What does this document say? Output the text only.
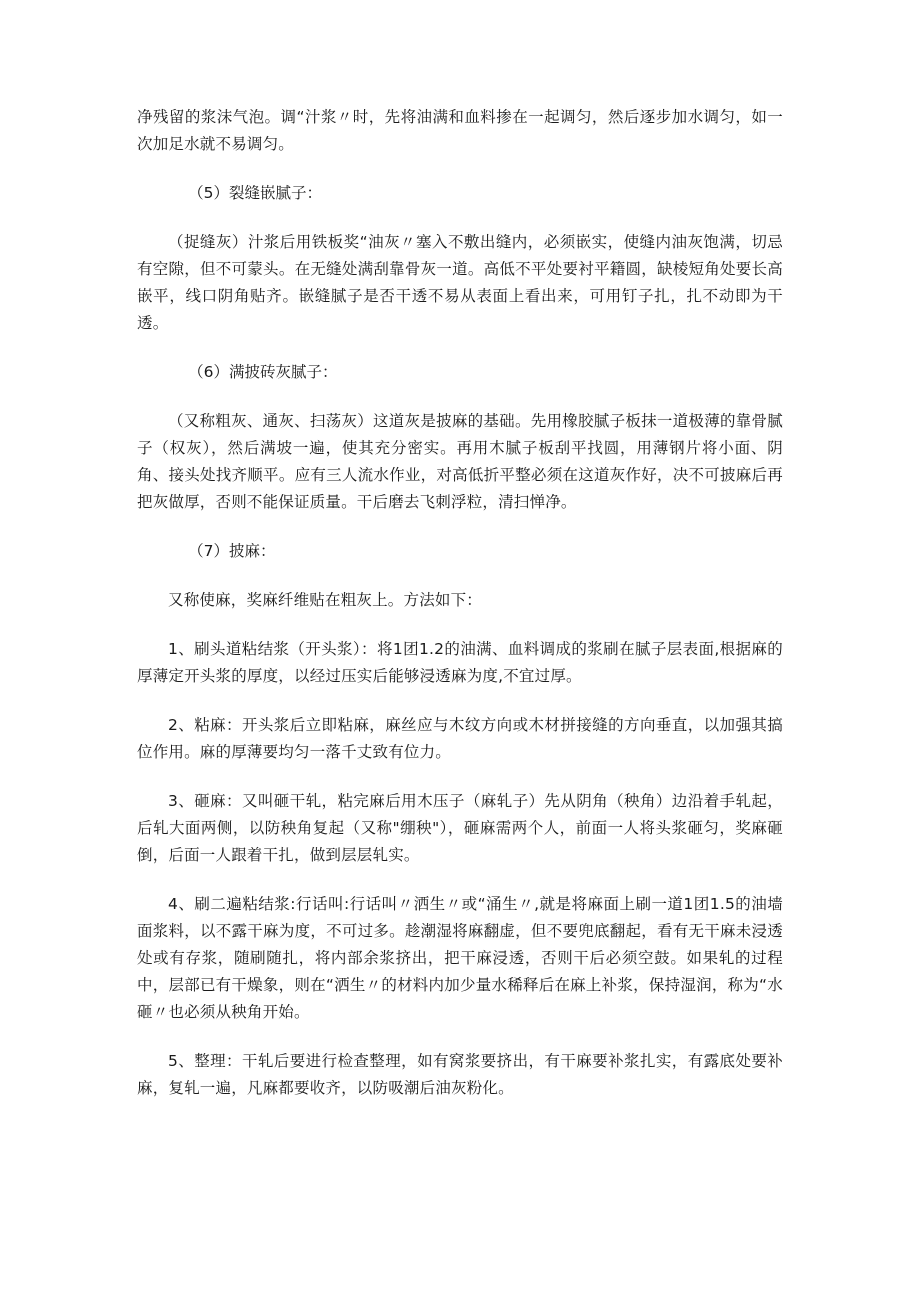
净残留的浆沫气泡。调“汁浆〃时，先将油满和血料掺在一起调匀，然后逐步加水调匀，如一次加足水就不易调匀。

（5）裂缝嵌腻子：

（捉缝灰）汁浆后用铁板奖“油灰〃塞入不敷出缝内，必须嵌实，使缝内油灰饱满，切忌有空隙，但不可蒙头。在无缝处满刮靠骨灰一道。高低不平处要衬平籍圆，缺棱短角处要长高嵌平，线口阴角贴齐。嵌缝腻子是否干透不易从表面上看出来，可用钉子扎，扎不动即为干透。

（6）满披砖灰腻子：

（又称粗灰、通灰、扫荡灰）这道灰是披麻的基础。先用橡胶腻子板抹一道极薄的靠骨腻子（权灰），然后满坡一遍，使其充分密实。再用木腻子板刮平找圆，用薄钢片将小面、阴角、接头处找齐顺平。应有三人流水作业，对高低折平整必须在这道灰作好，决不可披麻后再把灰做厚，否则不能保证质量。干后磨去飞刺浮粒，清扫惮净。

（7）披麻：

又称使麻，奖麻纤维贴在粗灰上。方法如下：

1、刷头道粘结浆（开头浆）：将1团1.2的油满、血料调成的浆刷在腻子层表面,根据麻的厚薄定开头浆的厚度，以经过压实后能够浸透麻为度,不宜过厚。

2、粘麻：开头浆后立即粘麻，麻丝应与木纹方向或木材拼接缝的方向垂直，以加强其搞位作用。麻的厚薄要均匀一落千丈致有位力。

3、砸麻：又叫砸干轧，粘完麻后用木压子（麻轧子）先从阴角（秧角）边沿着手轧起，后轧大面两侧，以防秧角复起（又称"绷秧"），砸麻需两个人，前面一人将头浆砸匀，奖麻砸倒，后面一人跟着干扎，做到层层轧实。

4、刷二遍粘结浆:行话叫:行话叫〃洒生〃或“涌生〃,就是将麻面上刷一道1团1.5的油墙面浆料，以不露干麻为度，不可过多。趁潮湿将麻翻虚，但不要兜底翻起，看有无干麻未浸透处或有存浆，随刷随扎，将内部余浆挤出，把干麻浸透，否则干后必须空鼓。如果轧的过程中，层部已有干燥象，则在“洒生〃的材料内加少量水稀释后在麻上补浆，保持湿润，称为“水砸〃也必须从秧角开始。

5、整理：干轧后要进行检查整理，如有窝浆要挤出，有干麻要补浆扎实，有露底处要补麻，复轧一遍，凡麻都要收齐，以防吸潮后油灰粉化。
